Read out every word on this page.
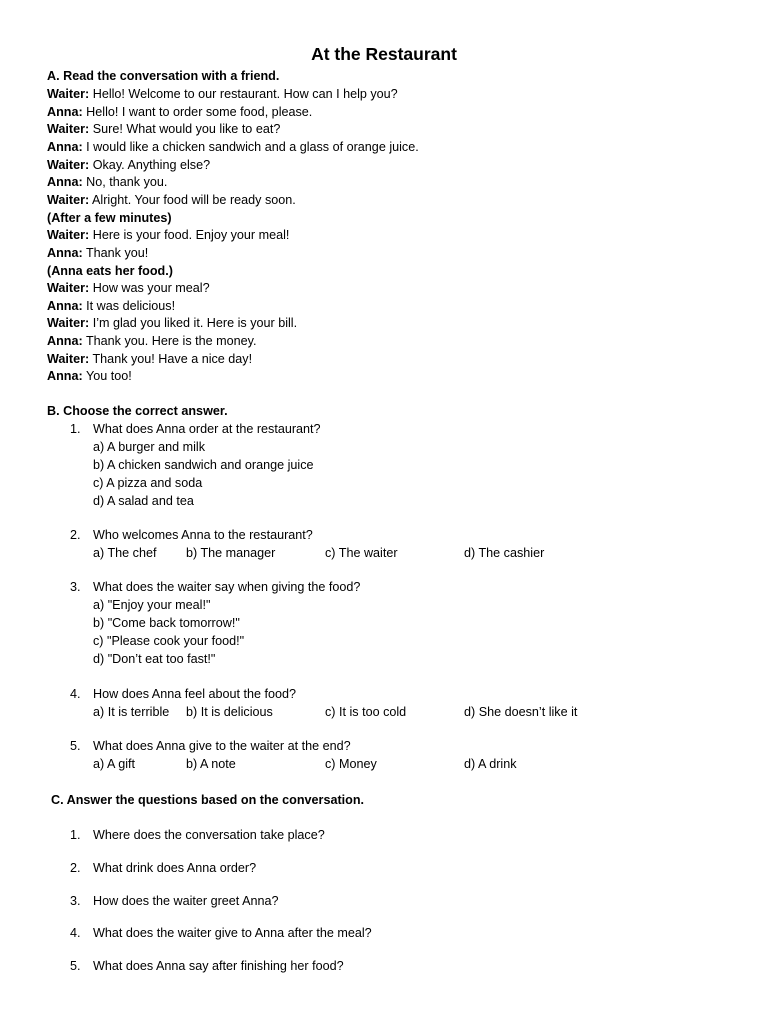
At the Restaurant
A. Read the conversation with a friend.
Waiter: Hello! Welcome to our restaurant. How can I help you?
Anna: Hello! I want to order some food, please.
Waiter: Sure! What would you like to eat?
Anna: I would like a chicken sandwich and a glass of orange juice.
Waiter: Okay. Anything else?
Anna: No, thank you.
Waiter: Alright. Your food will be ready soon.
(After a few minutes)
Waiter: Here is your food. Enjoy your meal!
Anna: Thank you!
(Anna eats her food.)
Waiter: How was your meal?
Anna: It was delicious!
Waiter: I’m glad you liked it. Here is your bill.
Anna: Thank you. Here is the money.
Waiter: Thank you! Have a nice day!
Anna: You too!
B. Choose the correct answer.
1. What does Anna order at the restaurant?
a) A burger and milk
b) A chicken sandwich and orange juice
c) A pizza and soda
d) A salad and tea
2. Who welcomes Anna to the restaurant?
a) The chef b) The manager	c) The waiter	d) The cashier
3. What does the waiter say when giving the food?
a) "Enjoy your meal!"
b) "Come back tomorrow!"
c) "Please cook your food!"
d) "Don’t eat too fast!"
4. How does Anna feel about the food?
a) It is terrible b) It is delicious	c) It is too cold	d) She doesn’t like it
5. What does Anna give to the waiter at the end?
a) A gift	b) A note	c) Money	d) A drink
C. Answer the questions based on the conversation.
1. Where does the conversation take place?
2. What drink does Anna order?
3. How does the waiter greet Anna?
4. What does the waiter give to Anna after the meal?
5. What does Anna say after finishing her food?
